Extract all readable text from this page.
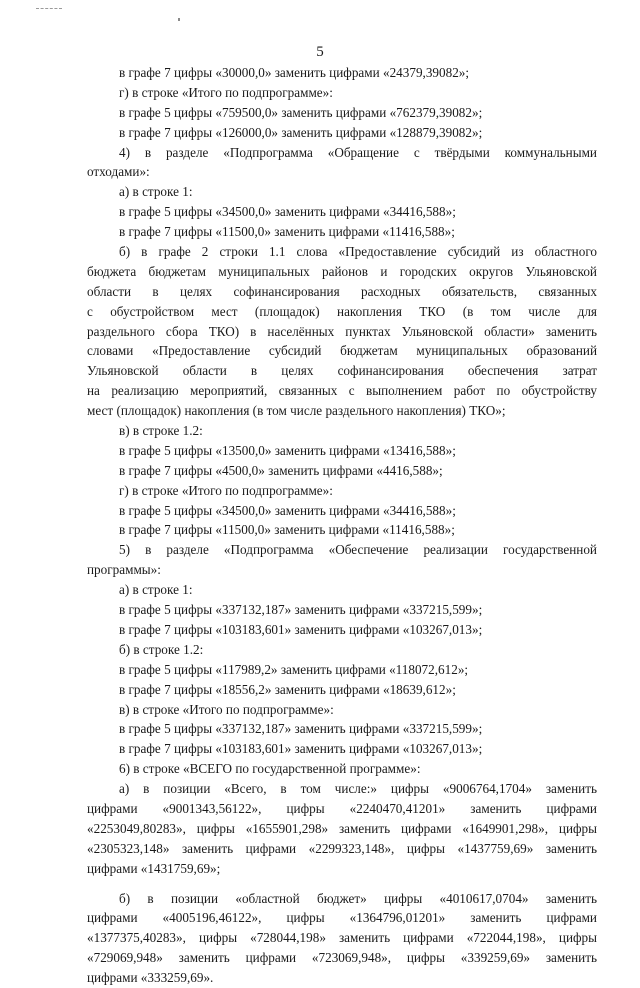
5
в графе 7 цифры «30000,0» заменить цифрами «24379,39082»;
г) в строке «Итого по подпрограмме»:
в графе 5 цифры «759500,0» заменить цифрами «762379,39082»;
в графе 7 цифры «126000,0» заменить цифрами «128879,39082»;
4) в разделе «Подпрограмма «Обращение с твёрдыми коммунальными
отходами»:
а) в строке 1:
в графе 5 цифры «34500,0» заменить цифрами «34416,588»;
в графе 7 цифры «11500,0» заменить цифрами «11416,588»;
б) в графе 2 строки 1.1 слова «Предоставление субсидий из областного
бюджета бюджетам муниципальных районов и городских округов Ульяновской
области в целях софинансирования расходных обязательств, связанных
с обустройством мест (площадок) накопления ТКО (в том числе для
раздельного сбора ТКО) в населённых пунктах Ульяновской области» заменить
словами «Предоставление субсидий бюджетам муниципальных образований
Ульяновской области в целях софинансирования обеспечения затрат
на реализацию мероприятий, связанных с выполнением работ по обустройству
мест (площадок) накопления (в том числе раздельного накопления) ТКО»;
в) в строке 1.2:
в графе 5 цифры «13500,0» заменить цифрами «13416,588»;
в графе 7 цифры «4500,0» заменить цифрами «4416,588»;
г) в строке «Итого по подпрограмме»:
в графе 5 цифры «34500,0» заменить цифрами «34416,588»;
в графе 7 цифры «11500,0» заменить цифрами «11416,588»;
5) в разделе «Подпрограмма «Обеспечение реализации государственной
программы»:
а) в строке 1:
в графе 5 цифры «337132,187» заменить цифрами «337215,599»;
в графе 7 цифры «103183,601» заменить цифрами «103267,013»;
б) в строке 1.2:
в графе 5 цифры «117989,2» заменить цифрами «118072,612»;
в графе 7 цифры «18556,2» заменить цифрами «18639,612»;
в) в строке «Итого по подпрограмме»:
в графе 5 цифры «337132,187» заменить цифрами «337215,599»;
в графе 7 цифры «103183,601» заменить цифрами «103267,013»;
6) в строке «ВСЕГО по государственной программе»:
а) в позиции «Всего, в том числе:» цифры «9006764,1704» заменить
цифрами «9001343,56122», цифры «2240470,41201» заменить цифрами
«2253049,80283», цифры «1655901,298» заменить цифрами «1649901,298», цифры
«2305323,148» заменить цифрами «2299323,148», цифры «1437759,69» заменить
цифрами «1431759,69»;
б) в позиции «областной бюджет» цифры «4010617,0704» заменить
цифрами «4005196,46122», цифры «1364796,01201» заменить цифрами
«1377375,40283», цифры «728044,198» заменить цифрами «722044,198», цифры
«729069,948» заменить цифрами «723069,948», цифры «339259,69» заменить
цифрами «333259,69».
